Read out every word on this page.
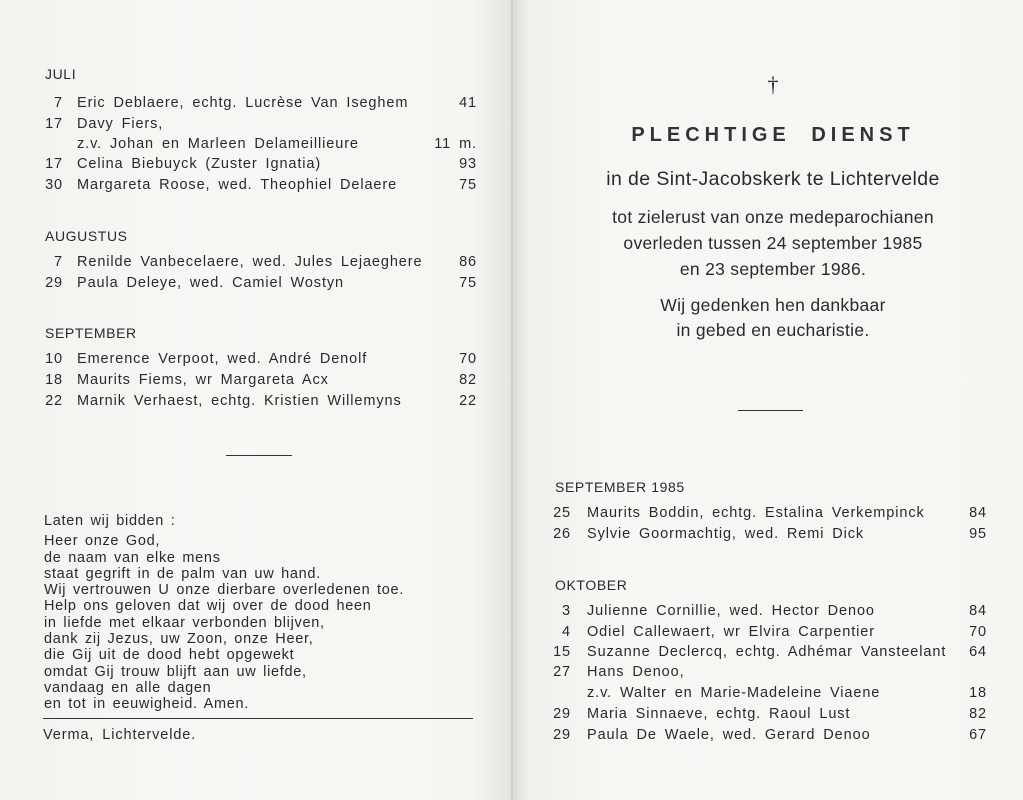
JULI
7 Eric Deblaere, echtg. Lucrèse Van Iseghem	41
17 Davy Fiers,
z.v. Johan en Marleen Delameillieure	11 m.
17 Celina Biebuyck (Zuster Ignatia)	93
30 Margareta Roose, wed. Theophiel Delaere	75
AUGUSTUS
7 Renilde Vanbecelaere, wed. Jules Lejaeghere	86
29 Paula Deleye, wed. Camiel Wostyn	75
SEPTEMBER
10 Emerence Verpoot, wed. André Denolf	70
18 Maurits Fiems, wr Margareta Acx	82
22 Marnik Verhaest, echtg. Kristien Willemyns	22
Laten wij bidden :
Heer onze God,
de naam van elke mens
staat gegrift in de palm van uw hand.
Wij vertrouwen U onze dierbare overledenen toe.
Help ons geloven dat wij over de dood heen
in liefde met elkaar verbonden blijven,
dank zij Jezus, uw Zoon, onze Heer,
die Gij uit de dood hebt opgewekt
omdat Gij trouw blijft aan uw liefde,
vandaag en alle dagen
en tot in eeuwigheid. Amen.
Verma, Lichtervelde.
†
PLECHTIGE DIENST
in de Sint-Jacobskerk te Lichtervelde
tot zielerust van onze medeparochianen
overleden tussen 24 september 1985
en 23 september 1986.
Wij gedenken hen dankbaar
in gebed en eucharistie.
SEPTEMBER 1985
25 Maurits Boddin, echtg. Estalina Verkempinck	84
26 Sylvie Goormachtig, wed. Remi Dick	95
OKTOBER
3 Julienne Cornillie, wed. Hector Denoo	84
4 Odiel Callewaert, wr Elvira Carpentier	70
15 Suzanne Declercq, echtg. Adhémar Vansteelant	64
27 Hans Denoo,
z.v. Walter en Marie-Madeleine Viaene	18
29 Maria Sinnaeve, echtg. Raoul Lust	82
29 Paula De Waele, wed. Gerard Denoo	67
